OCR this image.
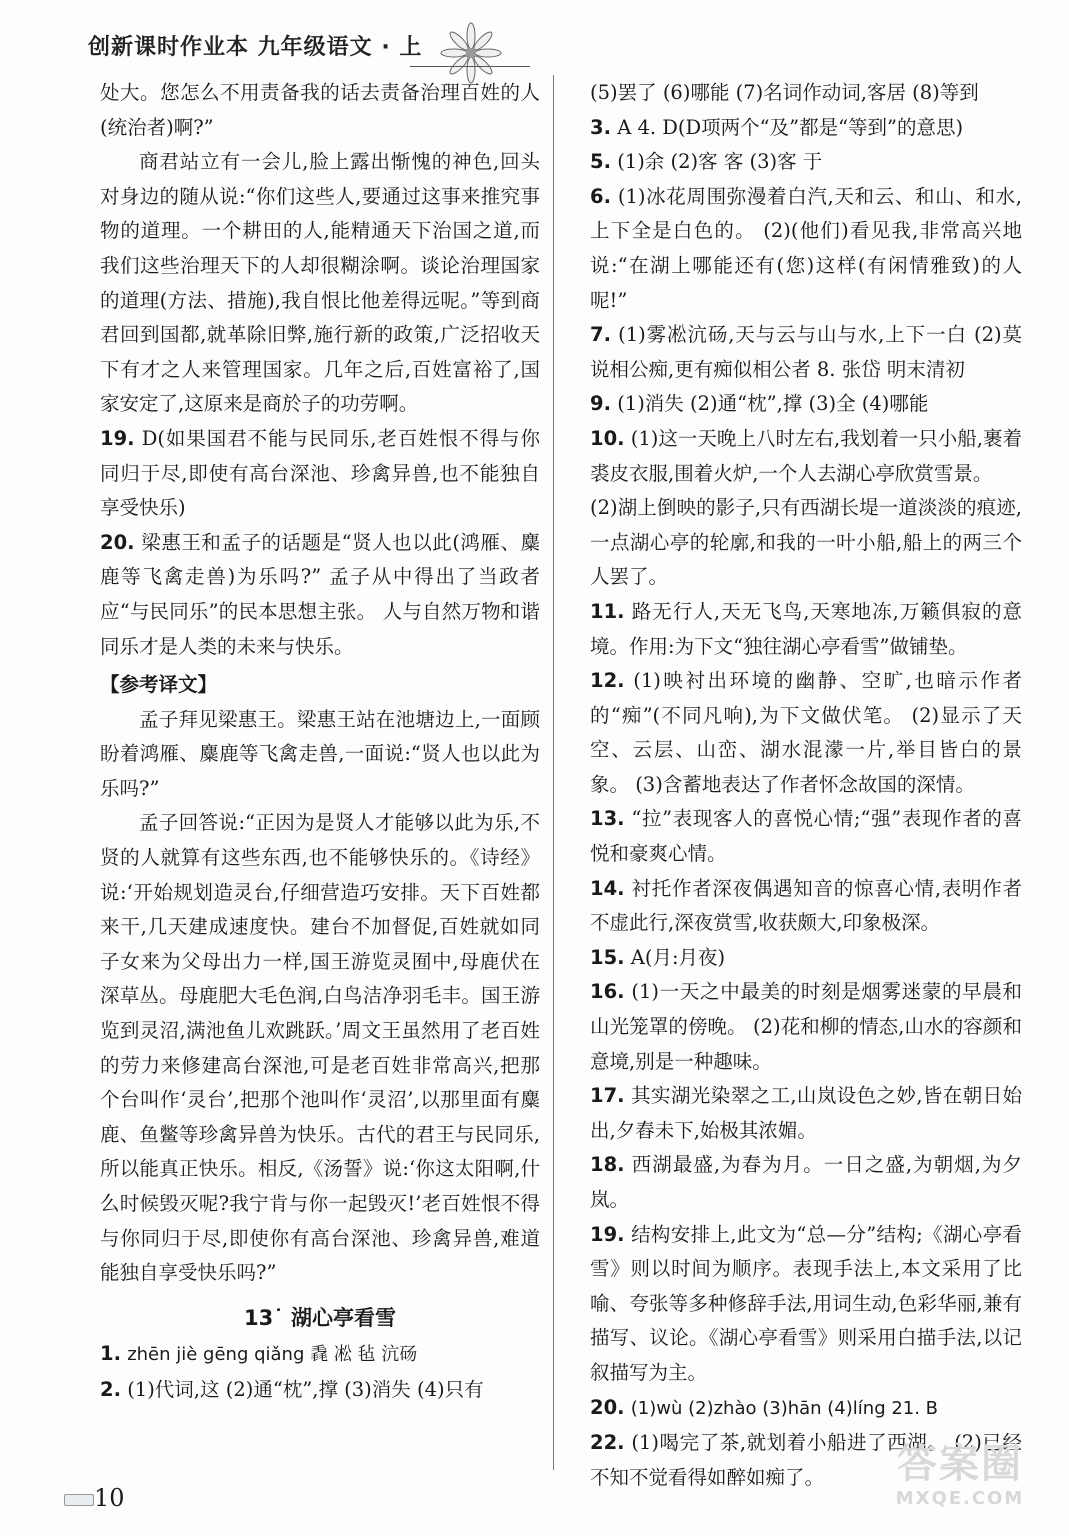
创新课时作业本 九年级语文 · 上

处大。您怎么不用责备我的话去责备治理百姓的人(统治者)啊?”

商君站立有一会儿,脸上露出惭愧的神色,回头对身边的随从说:“你们这些人,要通过这事来推究事物的道理。一个耕田的人,能精通天下治国之道,而我们这些治理天下的人却很糊涂啊。谈论治理国家的道理(方法、措施),我自恨比他差得远呢。”等到商君回到国都,就革除旧弊,施行新的政策,广泛招收天下有才之人来管理国家。几年之后,百姓富裕了,国家安定了,这原来是商於子的功劳啊。

19. D(如果国君不能与民同乐,老百姓恨不得与你同归于尽,即使有高台深池、珍禽异兽,也不能独自享受快乐)

20. 梁惠王和孟子的话题是“贤人也以此(鸿雁、麋鹿等飞禽走兽)为乐吗?” 孟子从中得出了当政者应“与民同乐”的民本思想主张。 人与自然万物和谐同乐才是人类的未来与快乐。

【参考译文】

孟子拜见梁惠王。梁惠王站在池塘边上,一面顾盼着鸿雁、麋鹿等飞禽走兽,一面说:“贤人也以此为乐吗?”

孟子回答说:“正因为是贤人才能够以此为乐,不贤的人就算有这些东西,也不能够快乐的。《诗经》说:‘开始规划造灵台,仔细营造巧安排。天下百姓都来干,几天建成速度快。建台不加督促,百姓就如同子女来为父母出力一样,国王游览灵囿中,母鹿伏在深草丛。母鹿肥大毛色润,白鸟洁净羽毛丰。国王游览到灵沼,满池鱼儿欢跳跃。’周文王虽然用了老百姓的劳力来修建高台深池,可是老百姓非常高兴,把那个台叫作‘灵台’,把那个池叫作‘灵沼’,以那里面有麋鹿、鱼鳖等珍禽异兽为快乐。古代的君王与民同乐,所以能真正快乐。相反,《汤誓》说:‘你这太阳啊,什么时候毁灭呢?我宁肯与你一起毁灭!’老百姓恨不得与你同归于尽,即使你有高台深池、珍禽异兽,难道能独自享受快乐吗?”

13˙ 湖心亭看雪

1. zhēn jiè gēng qiǎng 毳 凇 毡 沆砀

2. (1)代词,这 (2)通“枕”,撑 (3)消失 (4)只有

(5)罢了 (6)哪能 (7)名词作动词,客居 (8)等到

3. A 4. D(D项两个“及”都是“等到”的意思)

5. (1)余 (2)客 客 (3)客 于

6. (1)冰花周围弥漫着白汽,天和云、和山、和水,上下全是白色的。 (2)(他们)看见我,非常高兴地说:“在湖上哪能还有(您)这样(有闲情雅致)的人呢!”

7. (1)雾凇沆砀,天与云与山与水,上下一白 (2)莫说相公痴,更有痴似相公者 8. 张岱 明末清初

9. (1)消失 (2)通“枕”,撑 (3)全 (4)哪能

10. (1)这一天晚上八时左右,我划着一只小船,裹着裘皮衣服,围着火炉,一个人去湖心亭欣赏雪景。

(2)湖上倒映的影子,只有西湖长堤一道淡淡的痕迹,一点湖心亭的轮廓,和我的一叶小船,船上的两三个人罢了。

11. 路无行人,天无飞鸟,天寒地冻,万籁俱寂的意境。作用:为下文“独往湖心亭看雪”做铺垫。

12. (1)映衬出环境的幽静、空旷,也暗示作者的“痴”(不同凡响),为下文做伏笔。 (2)显示了天空、云层、山峦、湖水混濛一片,举目皆白的景象。 (3)含蓄地表达了作者怀念故国的深情。

13. “拉”表现客人的喜悦心情;“强”表现作者的喜悦和豪爽心情。

14. 衬托作者深夜偶遇知音的惊喜心情,表明作者不虚此行,深夜赏雪,收获颇大,印象极深。

15. A(月:月夜)

16. (1)一天之中最美的时刻是烟雾迷蒙的早晨和山光笼罩的傍晚。 (2)花和柳的情态,山水的容颜和意境,别是一种趣味。

17. 其实湖光染翠之工,山岚设色之妙,皆在朝日始出,夕舂未下,始极其浓媚。

18. 西湖最盛,为春为月。一日之盛,为朝烟,为夕岚。

19. 结构安排上,此文为“总—分”结构;《湖心亭看雪》则以时间为顺序。表现手法上,本文采用了比喻、夸张等多种修辞手法,用词生动,色彩华丽,兼有描写、议论。《湖心亭看雪》则采用白描手法,以记叙描写为主。

20. (1)wù (2)zhào (3)hān (4)líng 21. B

22. (1)喝完了茶,就划着小船进了西湖。 (2)已经不知不觉看得如醉如痴了。

10
答案圈
MXQE.COM
